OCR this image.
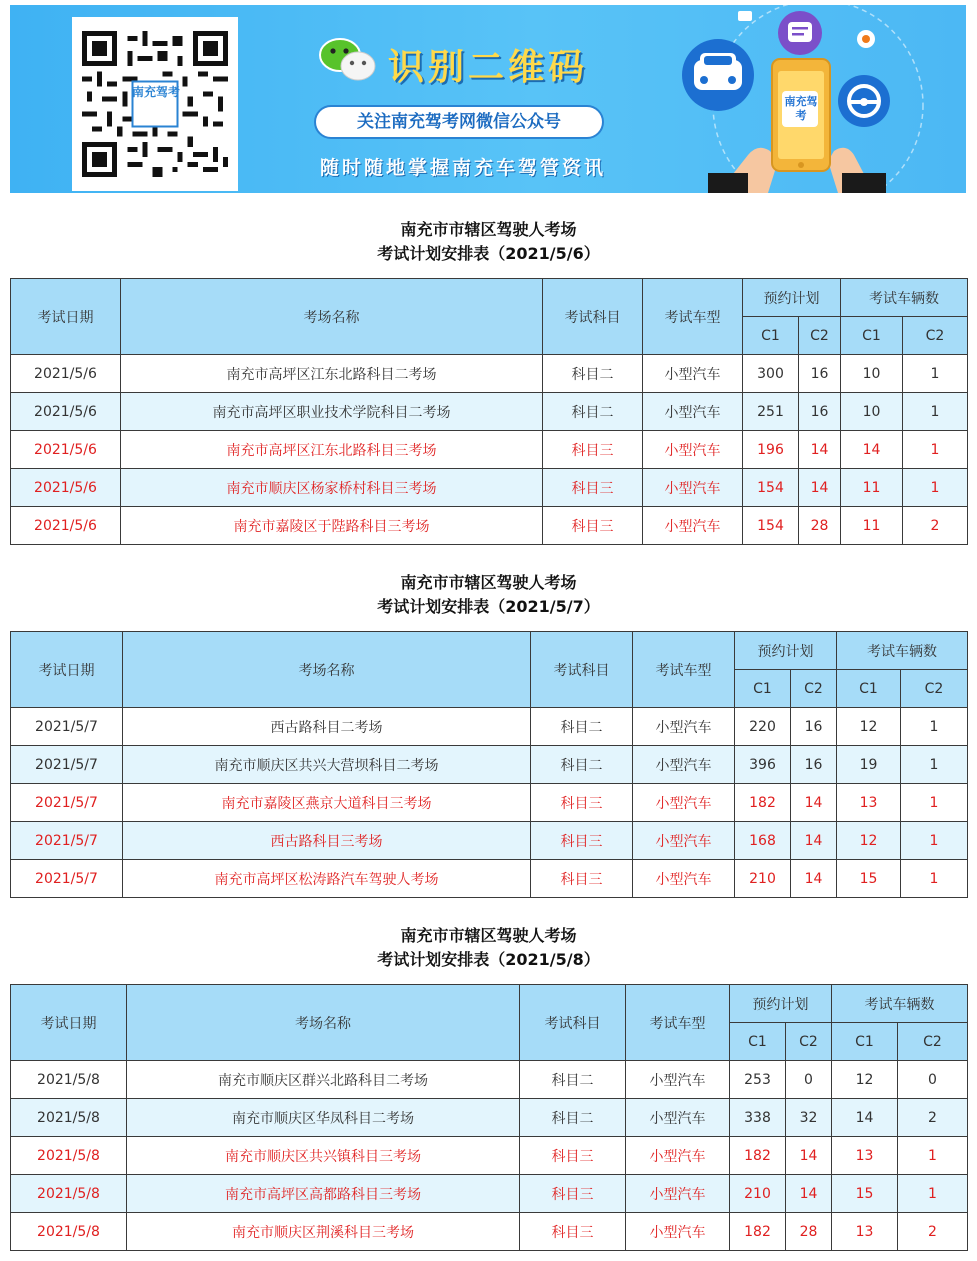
南充驾考
识别二维码
关注南充驾考网微信公众号
随时随地掌握南充车驾管资讯
南充驾考
南充市市辖区驾驶人考场
考试计划安排表（2021/5/6）
考试日期	考场名称	考试科目	考试车型	预约计划		考试车辆数	
				C1	C2	C1	C2
2021/5/6	南充市高坪区江东北路科目二考场	科目二	小型汽车	300	16	10	1
2021/5/6	南充市高坪区职业技术学院科目二考场	科目二	小型汽车	251	16	10	1
2021/5/6	南充市高坪区江东北路科目三考场	科目三	小型汽车	196	14	14	1
2021/5/6	南充市顺庆区杨家桥村科目三考场	科目三	小型汽车	154	14	11	1
2021/5/6	南充市嘉陵区于陛路科目三考场	科目三	小型汽车	154	28	11	2
南充市市辖区驾驶人考场
考试计划安排表（2021/5/7）
考试日期	考场名称	考试科目	考试车型	预约计划		考试车辆数	
				C1	C2	C1	C2
2021/5/7	西古路科目二考场	科目二	小型汽车	220	16	12	1
2021/5/7	南充市顺庆区共兴大营坝科目二考场	科目二	小型汽车	396	16	19	1
2021/5/7	南充市嘉陵区燕京大道科目三考场	科目三	小型汽车	182	14	13	1
2021/5/7	西古路科目三考场	科目三	小型汽车	168	14	12	1
2021/5/7	南充市高坪区松涛路汽车驾驶人考场	科目三	小型汽车	210	14	15	1
南充市市辖区驾驶人考场
考试计划安排表（2021/5/8）
考试日期	考场名称	考试科目	考试车型	预约计划		考试车辆数	
				C1	C2	C1	C2
2021/5/8	南充市顺庆区群兴北路科目二考场	科目二	小型汽车	253	0	12	0
2021/5/8	南充市顺庆区华凤科目二考场	科目二	小型汽车	338	32	14	2
2021/5/8	南充市顺庆区共兴镇科目三考场	科目三	小型汽车	182	14	13	1
2021/5/8	南充市高坪区高都路科目三考场	科目三	小型汽车	210	14	15	1
2021/5/8	南充市顺庆区荆溪科目三考场	科目三	小型汽车	182	28	13	2
